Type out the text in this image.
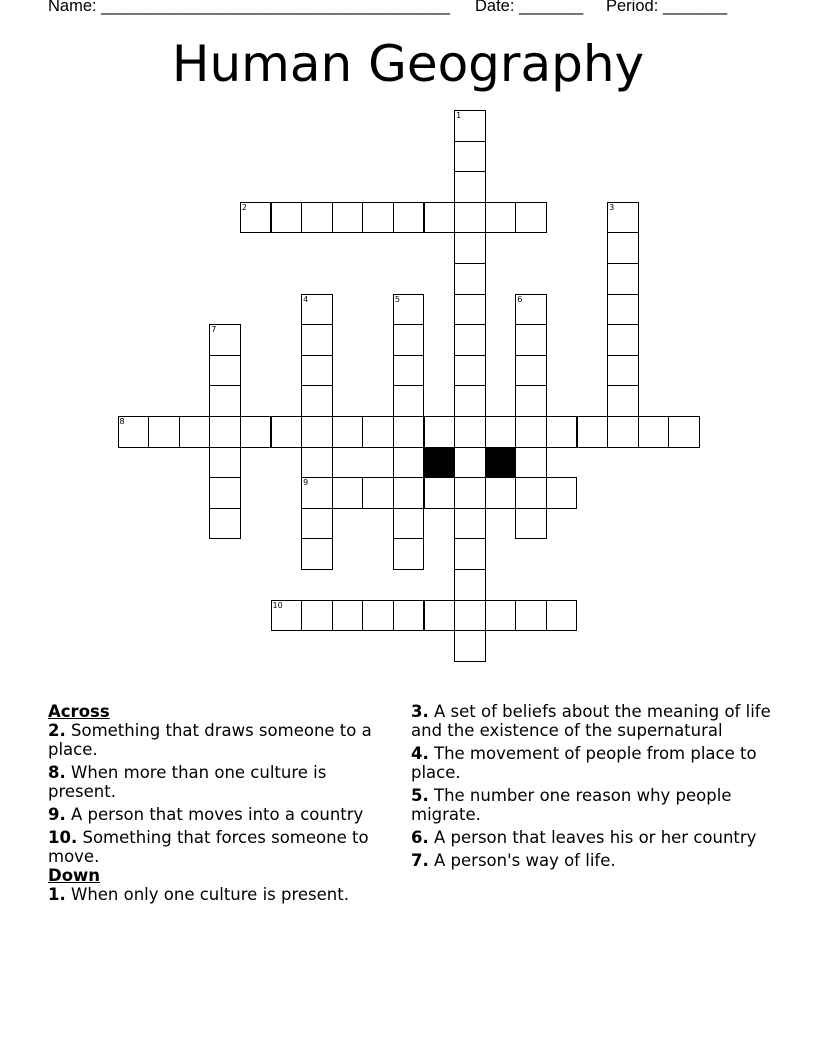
Name: ______________________________________

Date: _______

Period: _______

Human Geography
1
2	3
4
9
5	6
7
8
10
Across
2. Something that draws someone to a place.
8. When more than one culture is present.
9. A person that moves into a country
10. Something that forces someone to move.
Down
1. When only one culture is present.
3. A set of beliefs about the meaning of life and the existence of the supernatural
4. The movement of people from place to place.
5. The number one reason why people migrate.
6. A person that leaves his or her country
7. A person's way of life.
